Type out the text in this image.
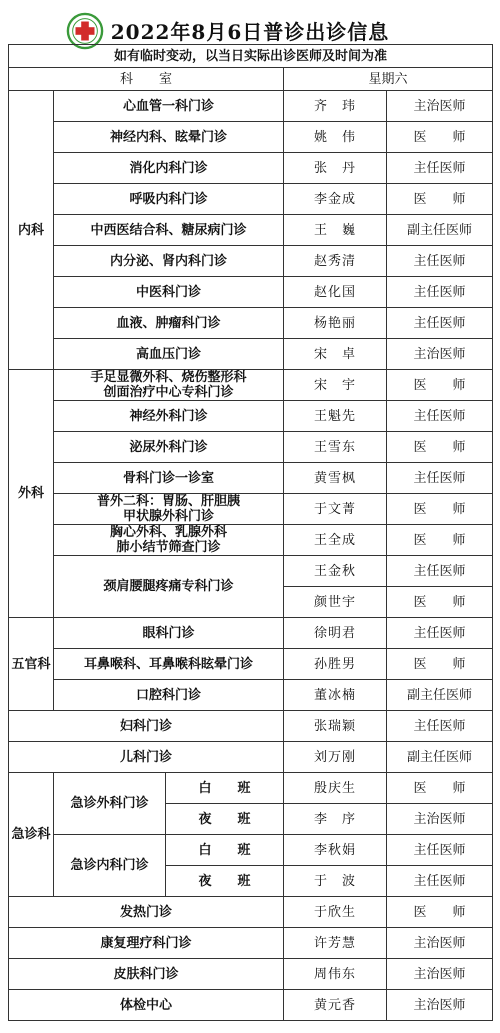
2022年8月6日普诊出诊信息
如有临时变动，以当日实际出诊医师及时间为准				
科　　室			星期六	
内科	心血管一科门诊		齐　玮	主治医师
	神经内科、眩晕门诊		姚　伟	医　　师
	消化内科门诊		张　丹	主任医师
	呼吸内科门诊		李金成	医　　师
	中西医结合科、糖尿病门诊		王　巍	副主任医师
	内分泌、肾内科门诊		赵秀清	主任医师
	中医科门诊		赵化国	主任医师
	血液、肿瘤科门诊		杨艳丽	主任医师
	高血压门诊		宋　卓	主治医师
外科	手足显微外科、烧伤整形科
创面治疗中心专科门诊		宋　宇	医　　师
	神经外科门诊		王魁先	主任医师
	泌尿外科门诊		王雪东	医　　师
	骨科门诊一诊室		黄雪枫	主任医师

	普外二科：胃肠、肝胆胰
甲状腺外科门诊		于文菁	医　　师

	胸心外科、乳腺外科
肺小结节筛查门诊		王全成	医　　师
	颈肩腰腿疼痛专科门诊		王金秋	主任医师
			颜世宇	医　　师
五官科	眼科门诊		徐明君	主任医师
	耳鼻喉科、耳鼻喉科眩晕门诊		孙胜男	医　　师
	口腔科门诊		董冰楠	副主任医师
妇科门诊			张瑞颖	主任医师
儿科门诊			刘万刚	副主任医师
急诊科	急诊外科门诊	白　　班	殷庆生	医　　师
		夜　　班	李　序	主治医师
	急诊内科门诊	白　　班	李秋娟	主任医师
		夜　　班	于　波	主任医师
发热门诊			于欣生	医　　师
康复理疗科门诊			许芳慧	主治医师
皮肤科门诊			周伟东	主治医师
体检中心			黄元香	主治医师
